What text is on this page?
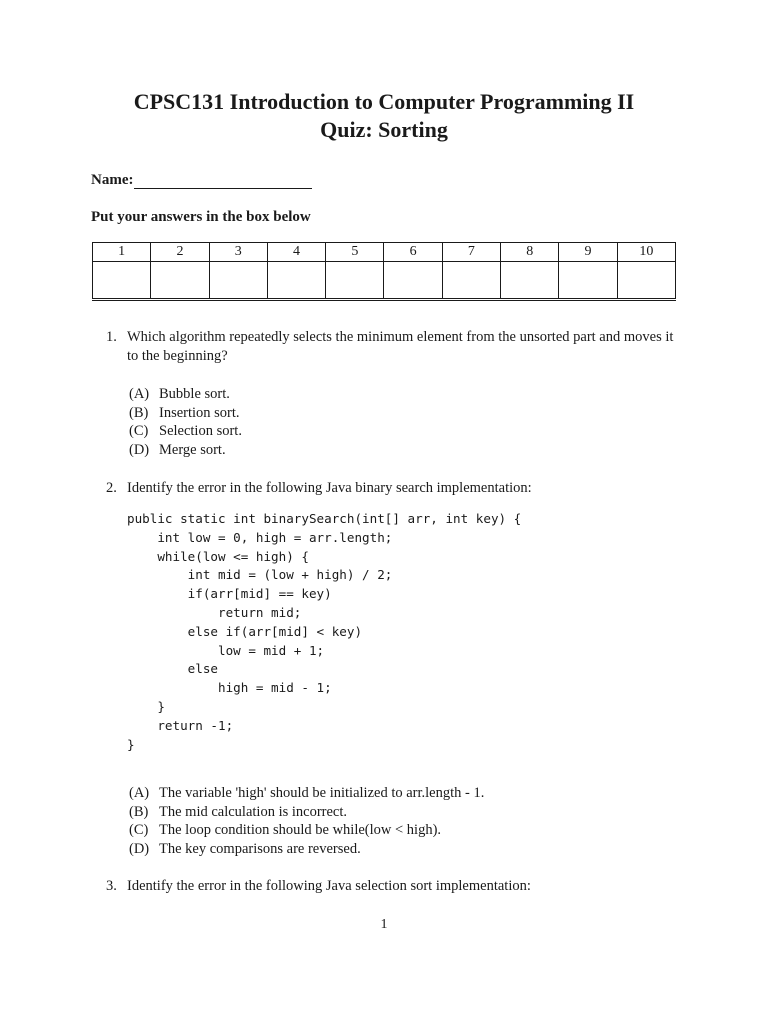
CPSC131 Introduction to Computer Programming II
Quiz: Sorting
Name:
Put your answers in the box below
1	2	3	4	5	6	7	8	9	10

1. Which algorithm repeatedly selects the minimum element from the unsorted part and moves it to the beginning?
(A) Bubble sort.
(B) Insertion sort.
(C) Selection sort.
(D) Merge sort.
2. Identify the error in the following Java binary search implementation:
public static int binarySearch(int[] arr, int key) {
int low = 0, high = arr.length;
while(low <= high) {
int mid = (low + high) / 2;
if(arr[mid] == key)
return mid;
else if(arr[mid] < key)
low = mid + 1;
else
high = mid - 1;
}
return -1;
}
(A) The variable 'high' should be initialized to arr.length - 1.
(B) The mid calculation is incorrect.
(C) The loop condition should be while(low < high).
(D) The key comparisons are reversed.
3. Identify the error in the following Java selection sort implementation:
1
